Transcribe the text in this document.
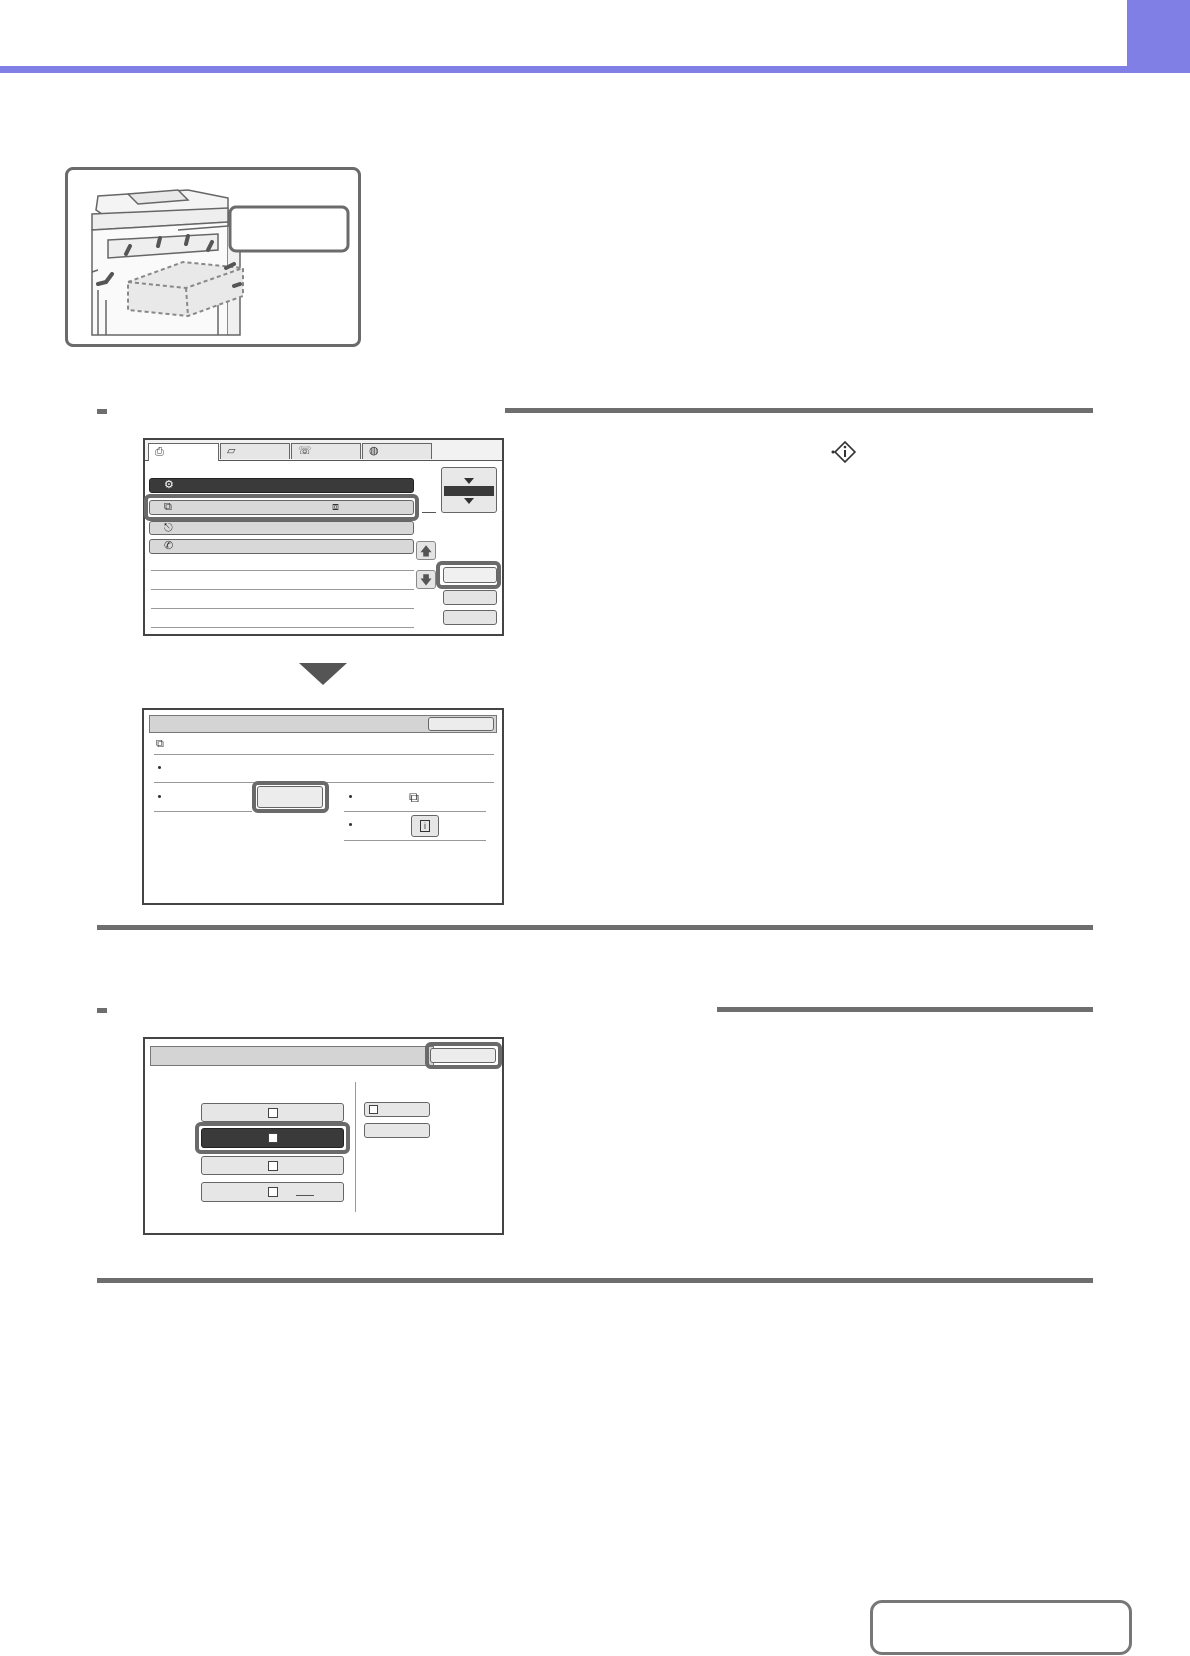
⎙	▱	☏	◍
⚙
⧉	⧈
⎋
✆	🡅
🡇
⧉
⧉
i
